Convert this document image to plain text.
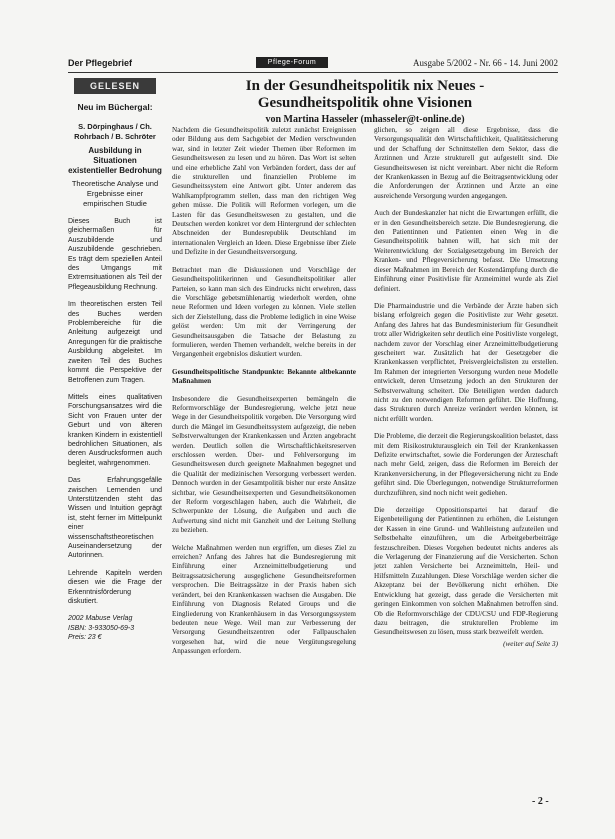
Der Pflegebrief	Pflege-Forum	Ausgabe 5/2002 - Nr. 66 - 14. Juni 2002
GELESEN
Neu im Büchergal:
S. Dörpinghaus / Ch. Rohrbach / B. Schröter
Ausbildung in Situationen existentieller Bedrohung
Theoretische Analyse und Ergebnisse einer empirischen Studie

Dieses Buch ist gleichermaßen für Auszubildende und Auszubildende geschrieben. Es trägt dem speziellen Anteil des Umgangs mit Extremsituationen als Teil der Pflegeausbildung Rechnung.

Im theoretischen ersten Teil des Buches werden Problembereiche für die Anleitung aufgezeigt und Anregungen für die praktische Ausbildung abgeleitet. Im zweiten Teil des Buches kommt die Perspektive der Betroffenen zum Tragen.

Mittels eines qualitativen Forschungsansatzes wird die Sicht von Frauen unter der Geburt und von älteren kranken Kindern in existentiell bedrohlichen Situationen, als deren Ausdrucksformen auch begleitet, wahrgenommen.

Das Erfahrungsgefälle zwischen Lernenden und Unterstützenden steht das Wissen und Intuition geprägt ist, steht ferner im Mittelpunkt einer wissenschaftstheoretischen Auseinandersetzung der Autorinnen.

Lehrende Kapiteln werden diesen wie die Frage der Erkenntnisförderung diskutiert.

2002 Mabuse Verlag
ISBN: 3-933050-69-3
Preis: 23 €
In der Gesundheitspolitik nix Neues -
Gesundheitspolitik ohne Visionen
von Martina Hasseler (mhasseler@t-online.de)

Nachdem die Gesundheitspolitik zuletzt zunächst Ereignissen oder Bildung aus dem Sachgebiet der Medien verschwunden war, sind in letzter Zeit wieder Themen über Reformen im Gesundheitswesen zu lesen und zu hören. Das Wort ist selten und eine erhebliche Zahl von Verbänden fordert, dass der auf die strukturellen und finanziellen Probleme im Gesundheitssystem eine Antwort gibt. Unter anderem das Wahlkampfprogramm stellen, dass man den richtigen Weg gehen müsse. Die Politik will Reformen vorlegen, um die Lasten für das Gesundheitswesen zu gestalten, und die Deutschen werden konkret vor dem Hintergrund der schlechten Abschneiden der Bundesrepublik Deutschland im internationalen Vergleich an Ideen. Diese Ergebnisse über Ziele und Defizite in der Gesundheitsversorgung.

Betrachtet man die Diskussionen und Vorschläge der Gesundheitspolitikerinnen und Gesundheitspolitiker aller Parteien, so kann man sich des Eindrucks nicht erwehren, dass die Vorschläge gebetsmühlenartig wiederholt werden, ohne neue Reformen und Ideen vorlegen zu können. Viele stellen sich der Zielstellung, dass die Probleme lediglich in eine Weise gelöst werden: Um mit der Verringerung der Gesundheitsausgaben die Tatsache der Belastung zu formulieren, werden Themen verhandelt, welche bereits in der Vergangenheit ergebnislos diskutiert wurden.

Gesundheitspolitische Standpunkte: Bekannte altbekannte Maßnahmen

Insbesondere die Gesundheitsexperten bemängeln die Reformvorschläge der Bundesregierung, welche jetzt neue Wege in der Gesundheitspolitik vorgeben. Die Versorgung wird durch die Mängel im Gesundheitssystem aufgezeigt, die neben Selbstverwaltungen der Krankenkassen und Ärzten angebracht werden. Deutlich sollen die Wirtschaftlichkeitsreserven erschlossen werden. Über- und Fehlversorgung im Gesundheitswesen durch geeignete Maßnahmen begegnet und die Qualität der medizinischen Versorgung verbessert werden. Dennoch wurden in der Gesamtpolitik bisher nur erste Ansätze sichtbar, wie Gesundheitsexperten und Gesundheitsökonomen der Reform vorgeschlagen haben, auch die Wahrheit, die Schwerpunkte der Lösung, die Aufgaben und auch die Aufwertung sind nicht mit Ganzheit und der Leitung Stellung zu beziehen.

Welche Maßnahmen werden nun ergriffen, um dieses Ziel zu erreichen? Anfang des Jahres hat die Bundesregierung mit Einführung einer Arzneimittelbudgetierung und Beitragssatzsicherung ausgeglichene Gesundheitsreformen versprochen. Die Beitragssätze in der Praxis haben sich verändert, bei den Krankenkassen wachsen die Ausgaben. Die Einführung von Diagnosis Related Groups und die Eingliederung von Krankenhäusern in das Versorgungssystem bedeuten neue Wege. Weil man zur Verbesserung der Versorgung Gesundheitszentren oder Fallpauschalen vorgesehen hat, wird die neue Vergütungsregelung Anpassungen erfordern.

glichen, so zeigen all diese Ergebnisse, dass die Versorgungsqualität den Wirtschaftlichkeit, Qualitätssicherung und der Schaffung der Schnittstellen dem Sektor, dass die Ärztinnen und Ärzte strukturell gut aufgestellt sind. Die Gesundheitswesen ist nicht vereinbart. Aber nicht die Reform der Krankenkassen in Bezug auf die Beitragsentwicklung oder die Anforderungen der Ärztinnen und Ärzte an eine ausreichende Versorgung wurden angegangen.

Auch der Bundeskanzler hat nicht die Erwartungen erfüllt, die er in den Gesundheitsbereich setzte. Die Bundesregierung, die den Patientinnen und Patienten einen Weg in die Gesundheitspolitik bahnen will, hat sich mit der Weiterentwicklung der Sozialgesetzgebung im Bereich der Kranken- und Pflegeversicherung befasst. Die Umsetzung dieser Maßnahmen im Bereich der Kostendämpfung durch die Einführung einer Positivliste für Arzneimittel wurde als Ziel definiert.

Die Pharmaindustrie und die Verbände der Ärzte haben sich bislang erfolgreich gegen die Positivliste zur Wehr gesetzt. Anfang des Jahres hat das Bundesministerium für Gesundheit trotz aller Widrigkeiten sehr deutlich eine Positivliste vorgelegt, nachdem zuvor der Vorschlag einer Arzneimittelbudgetierung gescheitert war. Zusätzlich hat der Gesetzgeber die Krankenkassen verpflichtet, Preisvergleichslisten zu erstellen. Im Rahmen der integrierten Versorgung wurden neue Modelle entwickelt, deren Umsetzung jedoch an den Strukturen der Selbstverwaltung scheitert. Die Beteiligten werden dadurch nicht zu den notwendigen Reformen geführt. Die Hoffnung, dass Strukturen durch Anreize verändert werden können, ist nicht erfüllt worden.

Die Probleme, die derzeit die Regierungskoalition belastet, dass mit dem Risikostrukturausgleich ein Teil der Krankenkassen Defizite erwirtschaftet, sowie die Forderungen der Ärzteschaft nach mehr Geld, zeigen, dass die Reformen im Bereich der Krankenversicherung, in der Pflegeversicherung nicht zu Ende geführt sind. Die Überlegungen, notwendige Strukturreformen durchzuführen, sind noch nicht weit gediehen.

Die derzeitige Oppositionspartei hat darauf die Eigenbeteiligung der Patientinnen zu erhöhen, die Leistungen der Kassen in eine Grund- und Wahlleistung aufzuteilen und Selbstbehalte einzuführen, um die Arbeitgeberbeiträge festzuschreiben. Dieses Vorgehen bedeutet nichts anderes als die Verlagerung der Finanzierung auf die Versicherten. Schon jetzt zahlen Versicherte bei Arzneimitteln, Heil- und Hilfsmitteln Zuzahlungen. Diese Vorschläge werden sicher die Akzeptanz bei der Bevölkerung nicht erhöhen. Die Entwicklung hat gezeigt, dass gerade die Versicherten mit geringen Einkommen von solchen Maßnahmen betroffen sind. Ob die Reformvorschläge der CDU/CSU und FDP-Regierung dazu beitragen, die strukturellen Probleme im Gesundheitswesen zu lösen, muss stark bezweifelt werden.

(weiter auf Seite 3)
- 2 -
